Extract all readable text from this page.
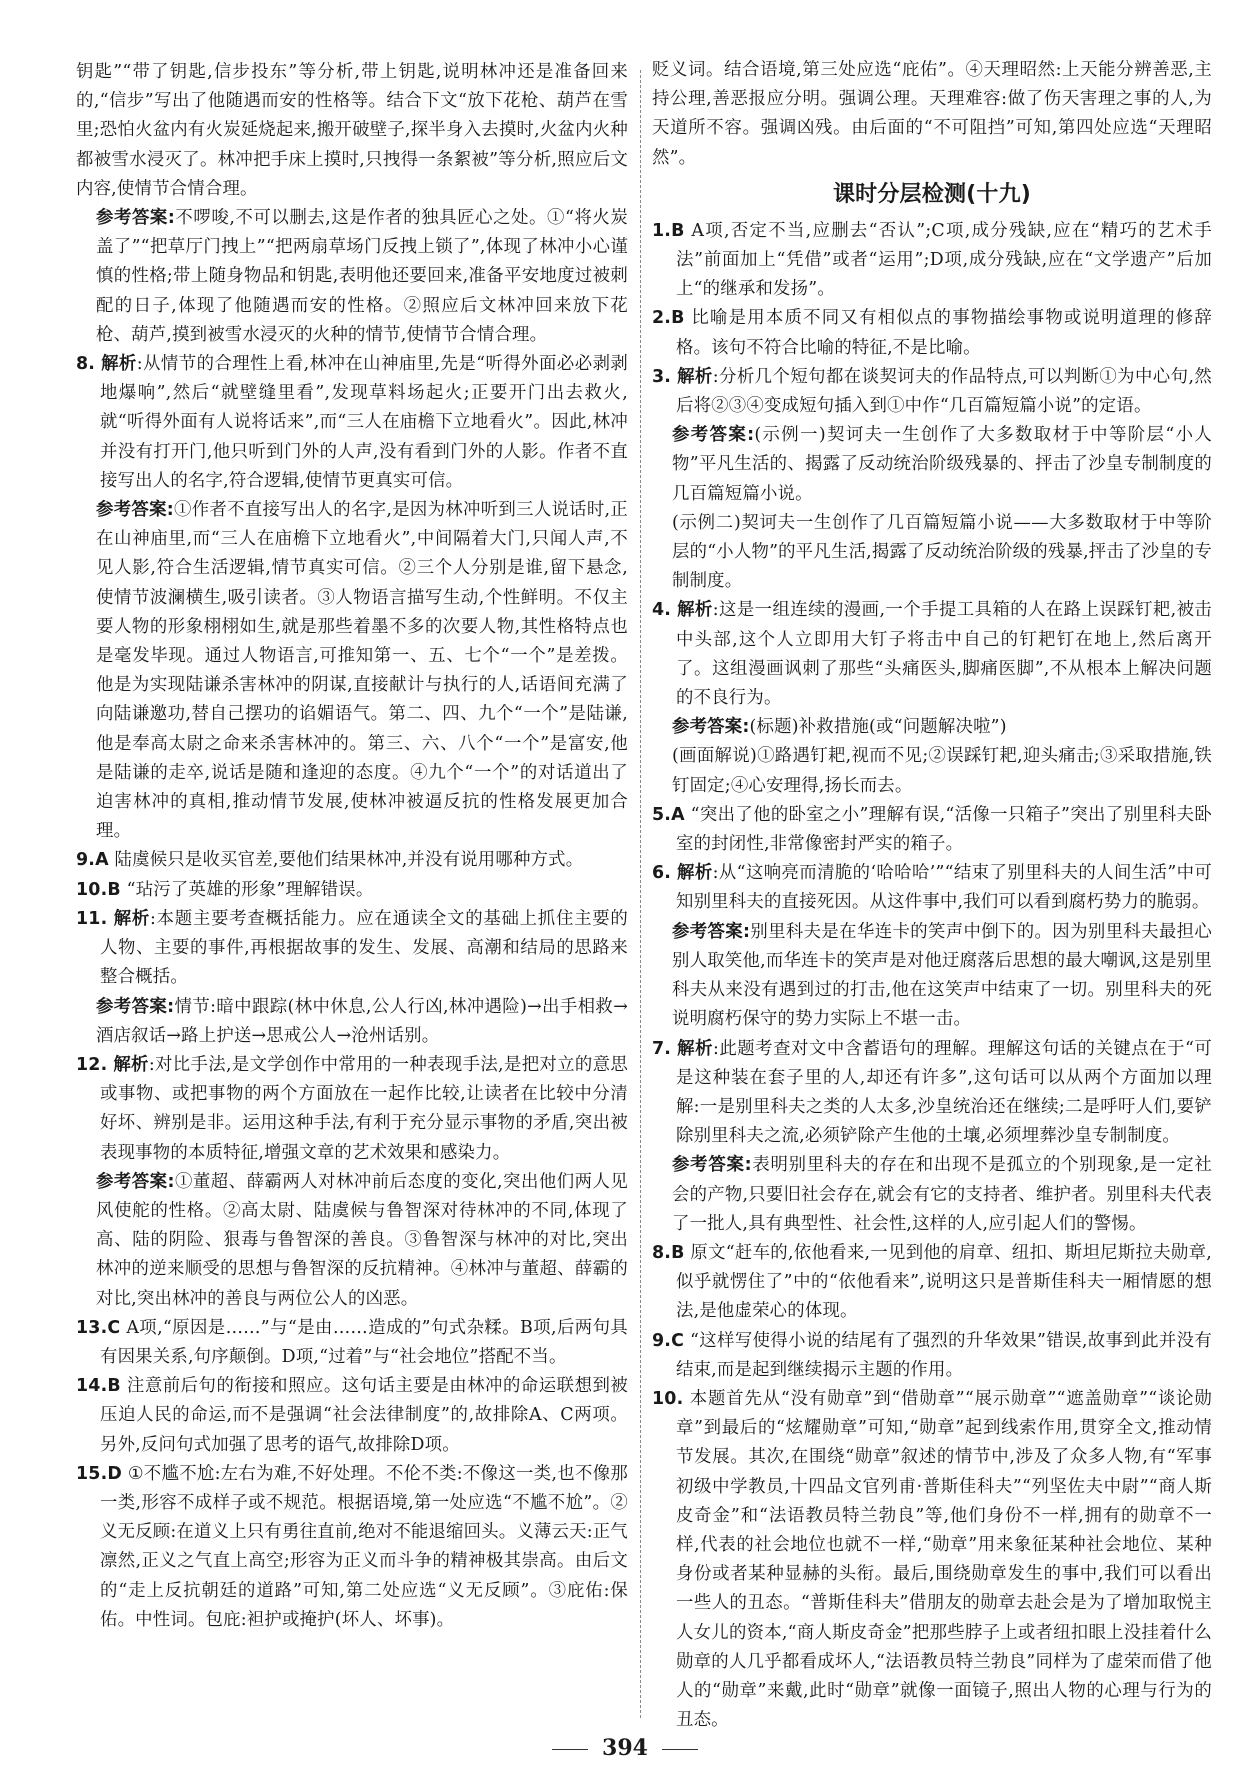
钥匙”“带了钥匙,信步投东”等分析,带上钥匙,说明林冲还是准备回来的,“信步”写出了他随遇而安的性格等。结合下文“放下花枪、葫芦在雪里;恐怕火盆内有火炭延烧起来,搬开破壁子,探半身入去摸时,火盆内火种都被雪水浸灭了。林冲把手床上摸时,只拽得一条絮被”等分析,照应后文内容,使情节合情合理。

参考答案:不啰唆,不可以删去,这是作者的独具匠心之处。①“将火炭盖了”“把草厅门拽上”“把两扇草场门反拽上锁了”,体现了林冲小心谨慎的性格;带上随身物品和钥匙,表明他还要回来,准备平安地度过被刺配的日子,体现了他随遇而安的性格。②照应后文林冲回来放下花枪、葫芦,摸到被雪水浸灭的火种的情节,使情节合情合理。

8. 解析:从情节的合理性上看,林冲在山神庙里,先是“听得外面必必剥剥地爆响”,然后“就壁缝里看”,发现草料场起火;正要开门出去救火,就“听得外面有人说将话来”,而“三人在庙檐下立地看火”。因此,林冲并没有打开门,他只听到门外的人声,没有看到门外的人影。作者不直接写出人的名字,符合逻辑,使情节更真实可信。

参考答案:①作者不直接写出人的名字,是因为林冲听到三人说话时,正在山神庙里,而“三人在庙檐下立地看火”,中间隔着大门,只闻人声,不见人影,符合生活逻辑,情节真实可信。②三个人分别是谁,留下悬念,使情节波澜横生,吸引读者。③人物语言描写生动,个性鲜明。不仅主要人物的形象栩栩如生,就是那些着墨不多的次要人物,其性格特点也是毫发毕现。通过人物语言,可推知第一、五、七个“一个”是差拨。他是为实现陆谦杀害林冲的阴谋,直接献计与执行的人,话语间充满了向陆谦邀功,替自己摆功的谄媚语气。第二、四、九个“一个”是陆谦,他是奉高太尉之命来杀害林冲的。第三、六、八个“一个”是富安,他是陆谦的走卒,说话是随和逢迎的态度。④九个“一个”的对话道出了迫害林冲的真相,推动情节发展,使林冲被逼反抗的性格发展更加合理。

9.A 陆虞候只是收买官差,要他们结果林冲,并没有说用哪种方式。

10.B “玷污了英雄的形象”理解错误。

11. 解析:本题主要考查概括能力。应在通读全文的基础上抓住主要的人物、主要的事件,再根据故事的发生、发展、高潮和结局的思路来整合概括。

参考答案:情节:暗中跟踪(林中休息,公人行凶,林冲遇险)→出手相救→酒店叙话→路上护送→思戒公人→沧州话别。

12. 解析:对比手法,是文学创作中常用的一种表现手法,是把对立的意思或事物、或把事物的两个方面放在一起作比较,让读者在比较中分清好坏、辨别是非。运用这种手法,有利于充分显示事物的矛盾,突出被表现事物的本质特征,增强文章的艺术效果和感染力。

参考答案:①董超、薛霸两人对林冲前后态度的变化,突出他们两人见风使舵的性格。②高太尉、陆虞候与鲁智深对待林冲的不同,体现了高、陆的阴险、狠毒与鲁智深的善良。③鲁智深与林冲的对比,突出林冲的逆来顺受的思想与鲁智深的反抗精神。④林冲与董超、薛霸的对比,突出林冲的善良与两位公人的凶恶。

13.C A项,“原因是……”与“是由……造成的”句式杂糅。B项,后两句具有因果关系,句序颠倒。D项,“过着”与“社会地位”搭配不当。

14.B 注意前后句的衔接和照应。这句话主要是由林冲的命运联想到被压迫人民的命运,而不是强调“社会法律制度”的,故排除A、C两项。另外,反问句式加强了思考的语气,故排除D项。

15.D ①不尴不尬:左右为难,不好处理。不伦不类:不像这一类,也不像那一类,形容不成样子或不规范。根据语境,第一处应选“不尴不尬”。②义无反顾:在道义上只有勇往直前,绝对不能退缩回头。义薄云天:正气凛然,正义之气直上高空;形容为正义而斗争的精神极其崇高。由后文的“走上反抗朝廷的道路”可知,第二处应选“义无反顾”。③庇佑:保佑。中性词。包庇:袒护或掩护(坏人、坏事)。

贬义词。结合语境,第三处应选“庇佑”。④天理昭然:上天能分辨善恶,主持公理,善恶报应分明。强调公理。天理难容:做了伤天害理之事的人,为天道所不容。强调凶残。由后面的“不可阻挡”可知,第四处应选“天理昭然”。

课时分层检测(十九)

1.B A项,否定不当,应删去“否认”;C项,成分残缺,应在“精巧的艺术手法”前面加上“凭借”或者“运用”;D项,成分残缺,应在“文学遗产”后加上“的继承和发扬”。

2.B 比喻是用本质不同又有相似点的事物描绘事物或说明道理的修辞格。该句不符合比喻的特征,不是比喻。

3. 解析:分析几个短句都在谈契诃夫的作品特点,可以判断①为中心句,然后将②③④变成短句插入到①中作“几百篇短篇小说”的定语。

参考答案:(示例一)契诃夫一生创作了大多数取材于中等阶层“小人物”平凡生活的、揭露了反动统治阶级残暴的、抨击了沙皇专制制度的几百篇短篇小说。

(示例二)契诃夫一生创作了几百篇短篇小说——大多数取材于中等阶层的“小人物”的平凡生活,揭露了反动统治阶级的残暴,抨击了沙皇的专制制度。

4. 解析:这是一组连续的漫画,一个手提工具箱的人在路上误踩钉耙,被击中头部,这个人立即用大钉子将击中自己的钉耙钉在地上,然后离开了。这组漫画讽刺了那些“头痛医头,脚痛医脚”,不从根本上解决问题的不良行为。

参考答案:(标题)补救措施(或“问题解决啦”)

(画面解说)①路遇钉耙,视而不见;②误踩钉耙,迎头痛击;③采取措施,铁钉固定;④心安理得,扬长而去。

5.A “突出了他的卧室之小”理解有误,“活像一只箱子”突出了别里科夫卧室的封闭性,非常像密封严实的箱子。

6. 解析:从“这响亮而清脆的‘哈哈哈’”“结束了别里科夫的人间生活”中可知别里科夫的直接死因。从这件事中,我们可以看到腐朽势力的脆弱。

参考答案:别里科夫是在华连卡的笑声中倒下的。因为别里科夫最担心别人取笑他,而华连卡的笑声是对他迂腐落后思想的最大嘲讽,这是别里科夫从来没有遇到过的打击,他在这笑声中结束了一切。别里科夫的死说明腐朽保守的势力实际上不堪一击。

7. 解析:此题考查对文中含蓄语句的理解。理解这句话的关键点在于“可是这种装在套子里的人,却还有许多”,这句话可以从两个方面加以理解:一是别里科夫之类的人太多,沙皇统治还在继续;二是呼吁人们,要铲除别里科夫之流,必须铲除产生他的土壤,必须埋葬沙皇专制制度。

参考答案:表明别里科夫的存在和出现不是孤立的个别现象,是一定社会的产物,只要旧社会存在,就会有它的支持者、维护者。别里科夫代表了一批人,具有典型性、社会性,这样的人,应引起人们的警惕。

8.B 原文“赶车的,依他看来,一见到他的肩章、纽扣、斯坦尼斯拉夫勋章,似乎就愣住了”中的“依他看来”,说明这只是普斯佳科夫一厢情愿的想法,是他虚荣心的体现。

9.C “这样写使得小说的结尾有了强烈的升华效果”错误,故事到此并没有结束,而是起到继续揭示主题的作用。

10. 本题首先从“没有勋章”到“借勋章”“展示勋章”“遮盖勋章”“谈论勋章”到最后的“炫耀勋章”可知,“勋章”起到线索作用,贯穿全文,推动情节发展。其次,在围绕“勋章”叙述的情节中,涉及了众多人物,有“军事初级中学教员,十四品文官列甫·普斯佳科夫”“列坚佐夫中尉”“商人斯皮奇金”和“法语教员特兰勃良”等,他们身份不一样,拥有的勋章不一样,代表的社会地位也就不一样,“勋章”用来象征某种社会地位、某种身份或者某种显赫的头衔。最后,围绕勋章发生的事中,我们可以看出一些人的丑态。“普斯佳科夫”借朋友的勋章去赴会是为了增加取悦主人女儿的资本,“商人斯皮奇金”把那些脖子上或者纽扣眼上没挂着什么勋章的人几乎都看成坏人,“法语教员特兰勃良”同样为了虚荣而借了他人的“勋章”来戴,此时“勋章”就像一面镜子,照出人物的心理与行为的丑态。

394
